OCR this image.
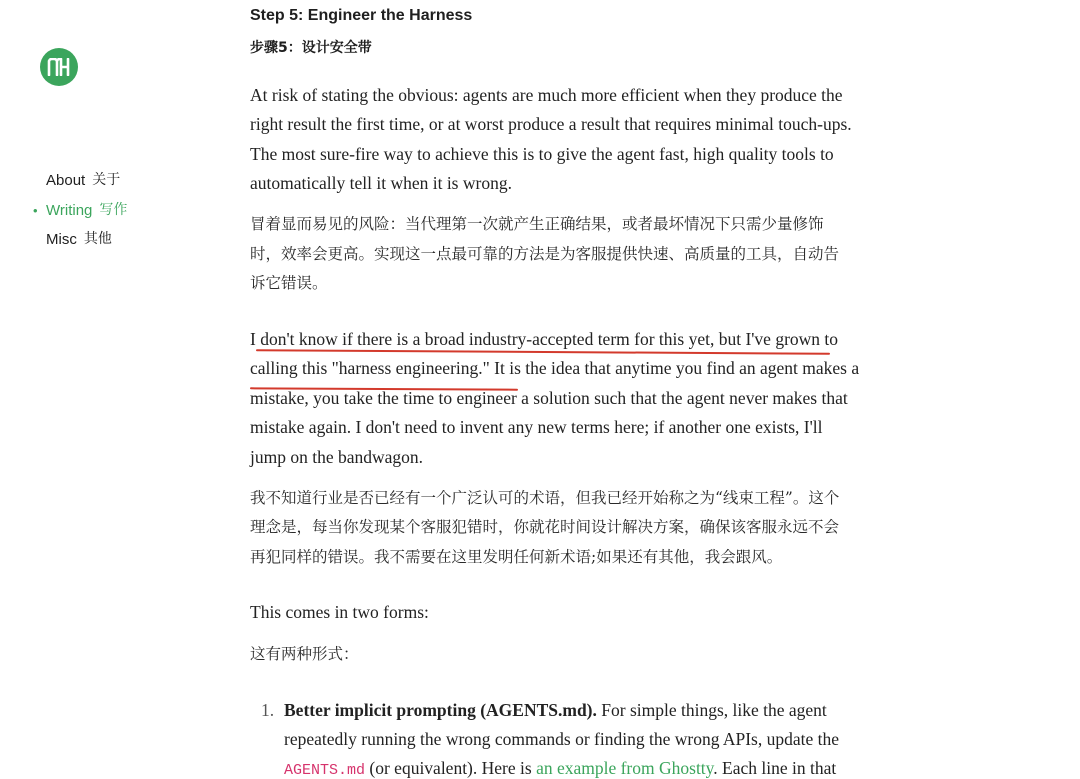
About 关于
• Writing 写作
Misc 其他
Step 5: Engineer the Harness
步骤5：设计安全带
At risk of stating the obvious: agents are much more efficient when they produce the
right result the first time, or at worst produce a result that requires minimal touch-ups.
The most sure-fire way to achieve this is to give the agent fast, high quality tools to
automatically tell it when it is wrong.
冒着显而易见的风险：当代理第一次就产生正确结果，或者最坏情况下只需少量修饰
时，效率会更高。实现这一点最可靠的方法是为客服提供快速、高质量的工具，自动告
诉它错误。
I don't know if there is a broad industry-accepted term for this yet, but I've grown to
calling this "harness engineering." It is the idea that anytime you find an agent makes a
mistake, you take the time to engineer a solution such that the agent never makes that
mistake again. I don't need to invent any new terms here; if another one exists, I'll
jump on the bandwagon.
我不知道行业是否已经有一个广泛认可的术语，但我已经开始称之为“线束工程”。这个
理念是，每当你发现某个客服犯错时，你就花时间设计解决方案，确保该客服永远不会
再犯同样的错误。我不需要在这里发明任何新术语;如果还有其他，我会跟风。
This comes in two forms:
这有两种形式：
1. Better implicit prompting (AGENTS.md). For simple things, like the agent
repeatedly running the wrong commands or finding the wrong APIs, update the
AGENTS.md (or equivalent). Here is an example from Ghostty. Each line in that
